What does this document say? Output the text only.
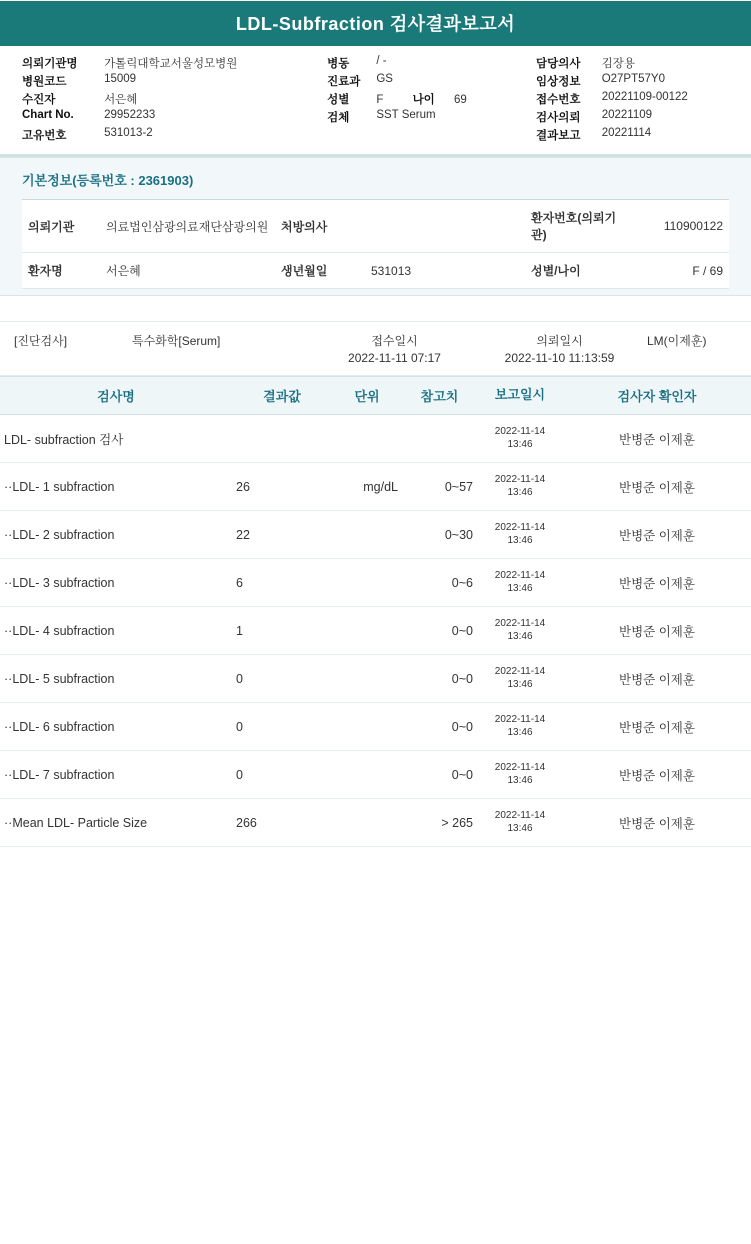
LDL-Subfraction 검사결과보고서
의뢰기관명	가톨릭대학교서울성모병원		병동	/ -		담당의사	김장용
병원코드	15009		진료과	GS		임상정보	O27PT57Y0
수진자	서은혜		성별	F 나이 69		접수번호	20221109-00122
Chart No.	29952233		검체	SST Serum		검사의뢰	20221109
고유번호	531013-2					결과보고	20221114
기본정보(등록번호 : 2361903)
의뢰기관	의료법인삼광의료재단삼광의원	처방의사		환자번호(의뢰기관)	110900122
환자명	서은혜	생년월일	531013	성별/나이	F / 69
[진단검사]	특수화학[Serum]	접수일시
2022-11-11 07:17
의뢰일시
2022-11-10 11:13:59
LM(이제훈)
검사명	결과값	단위	참고치	보고일시	검사자 확인자
LDL- subfraction 검사				2022-11-14
13:46	반병준 이제훈
··LDL- 1 subfraction	26	mg/dL	0~57	2022-11-14
13:46	반병준 이제훈
··LDL- 2 subfraction	22		0~30	2022-11-14
13:46	반병준 이제훈
··LDL- 3 subfraction	6		0~6	2022-11-14
13:46	반병준 이제훈
··LDL- 4 subfraction	1		0~0	2022-11-14
13:46	반병준 이제훈
··LDL- 5 subfraction	0		0~0	2022-11-14
13:46	반병준 이제훈
··LDL- 6 subfraction	0		0~0	2022-11-14
13:46	반병준 이제훈
··LDL- 7 subfraction	0		0~0	2022-11-14
13:46	반병준 이제훈
··Mean LDL- Particle Size	266		> 265	2022-11-14
13:46	반병준 이제훈
